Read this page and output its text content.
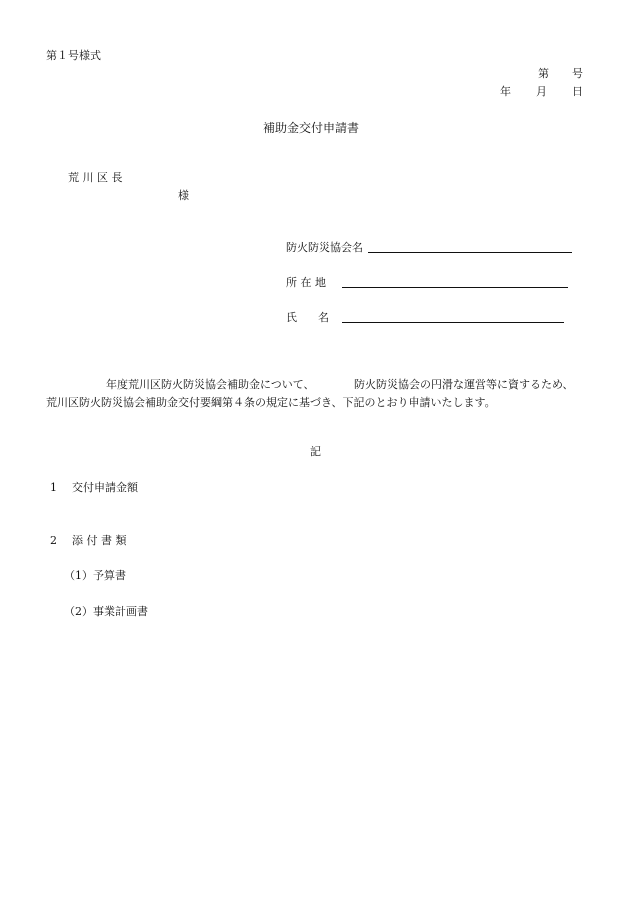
第１号様式
第 号
年 月 日
補助金交付申請書
荒 川 区 長
様
防火防災協会名
所 在 地
氏 名
年度荒川区防火防災協会補助金について、	防火防災協会の円滑な運営等に資するため、
荒川区防火防災協会補助金交付要綱第４条の規定に基づき、下記のとおり申請いたします。
記
1 交付申請金額
2 添 付 書 類
（1）予算書
（2）事業計画書
